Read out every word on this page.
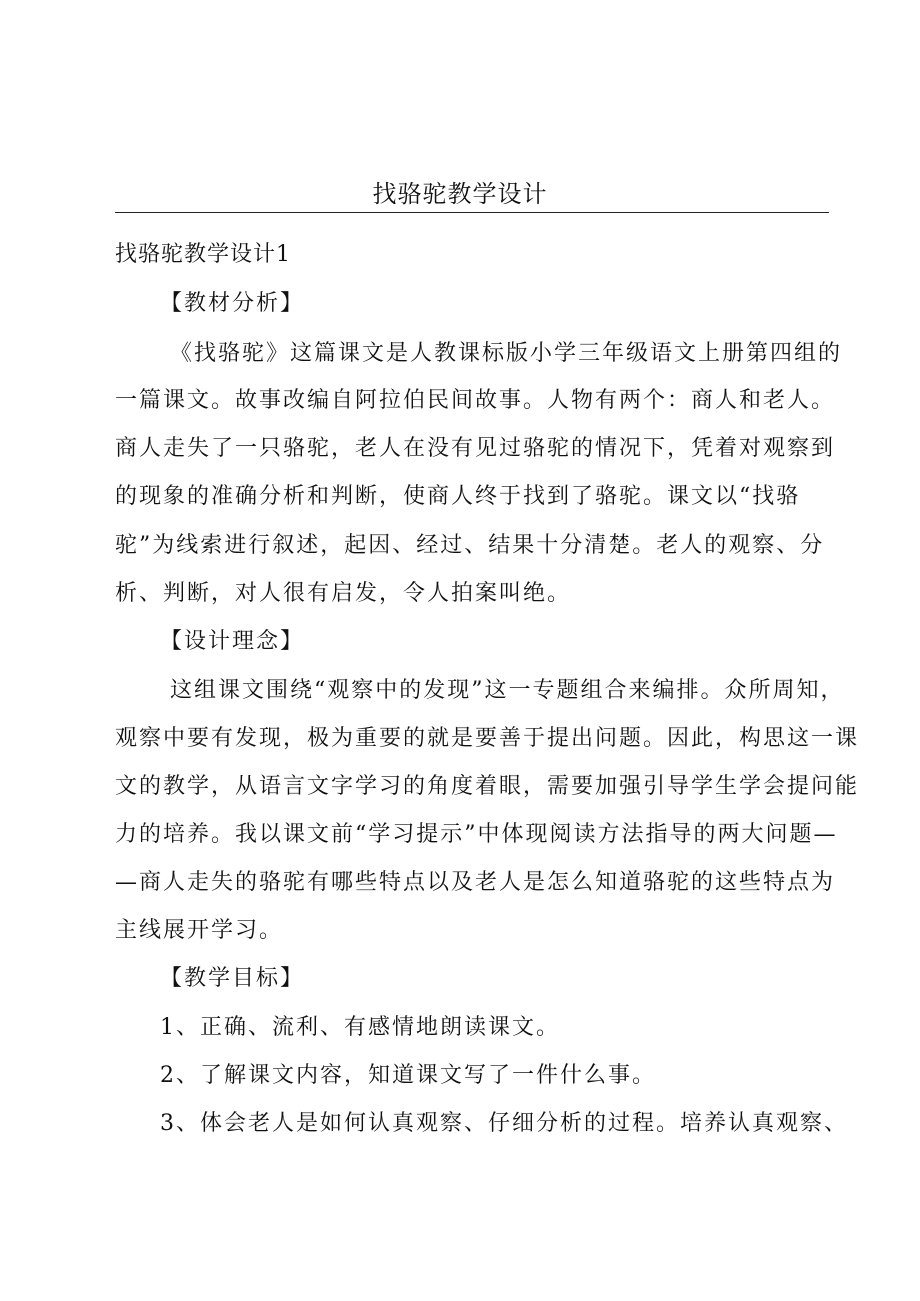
找骆驼教学设计
找骆驼教学设计1
【教材分析】
《找骆驼》这篇课文是人教课标版小学三年级语文上册第四组的
一篇课文。故事改编自阿拉伯民间故事。人物有两个：商人和老人。
商人走失了一只骆驼，老人在没有见过骆驼的情况下，凭着对观察到
的现象的准确分析和判断，使商人终于找到了骆驼。课文以“找骆
驼”为线索进行叙述，起因、经过、结果十分清楚。老人的观察、分
析、判断，对人很有启发，令人拍案叫绝。
【设计理念】
这组课文围绕“观察中的发现”这一专题组合来编排。众所周知，
观察中要有发现，极为重要的就是要善于提出问题。因此，构思这一课
文的教学，从语言文字学习的角度着眼，需要加强引导学生学会提问能
力的培养。我以课文前“学习提示”中体现阅读方法指导的两大问题—
—商人走失的骆驼有哪些特点以及老人是怎么知道骆驼的这些特点为
主线展开学习。
【教学目标】
1、正确、流利、有感情地朗读课文。
2、了解课文内容，知道课文写了一件什么事。
3、体会老人是如何认真观察、仔细分析的过程。培养认真观察、
